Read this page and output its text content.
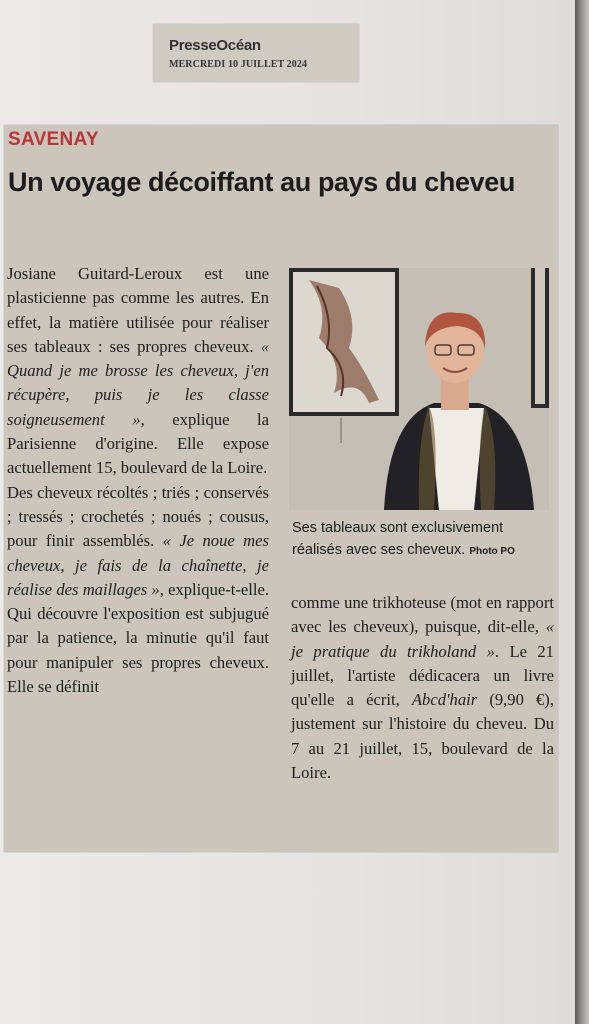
PresseOcéan
MERCREDI 10 JUILLET 2024
SAVENAY
Un voyage décoiffant au pays du cheveu

Josiane Guitard-Leroux est une plasticienne pas comme les autres. En effet, la matière utilisée pour réaliser ses tableaux : ses propres cheveux. « Quand je me brosse les cheveux, j'en récupère, puis je les classe soigneusement », explique la Parisienne d'origine. Elle expose actuellement 15, boulevard de la Loire.

Des cheveux récoltés ; triés ; conservés ; tressés ; crochetés ; noués ; cousus, pour finir assemblés. « Je noue mes cheveux, je fais de la chaînette, je réalise des maillages », explique-t-elle. Qui découvre l'exposition est subjugué par la patience, la minutie qu'il faut pour manipuler ses propres cheveux. Elle se définit

Ses tableaux sont exclusivement réalisés avec ses cheveux. Photo PO

comme une trikhoteuse (mot en rapport avec les cheveux), puisque, dit-elle, « je pratique du trikholand ». Le 21 juillet, l'artiste dédicacera un livre qu'elle a écrit, Abcd'hair (9,90 €), justement sur l'histoire du cheveu. Du 7 au 21 juillet, 15, boulevard de la Loire.
